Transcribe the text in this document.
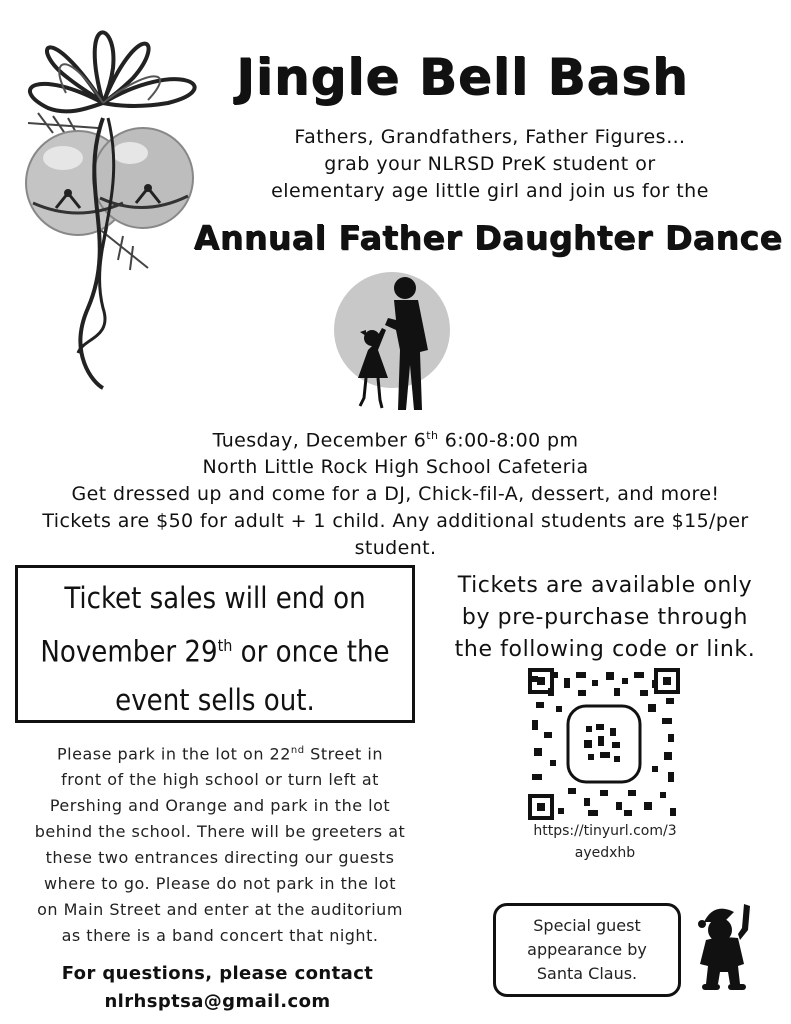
Jingle Bell Bash
Fathers, Grandfathers, Father Figures…
grab your NLRSD PreK student or
elementary age little girl and join us for the
Annual Father Daughter Dance
Tuesday, December 6th 6:00-8:00 pm
North Little Rock High School Cafeteria
Get dressed up and come for a DJ, Chick-fil-A, dessert, and more!
Tickets are $50 for adult + 1 child. Any additional students are $15/per
student.
Ticket sales will end on
November 29th or once the
event sells out.
Tickets are available only
by pre-purchase through
the following code or link.
https://tinyurl.com/3
ayedxhb
Please park in the lot on 22nd Street in
front of the high school or turn left at
Pershing and Orange and park in the lot
behind the school. There will be greeters at
these two entrances directing our guests
where to go. Please do not park in the lot
on Main Street and enter at the auditorium
as there is a band concert that night.
For questions, please contact
nlrhsptsa@gmail.com
Special guest
appearance by
Santa Claus.
